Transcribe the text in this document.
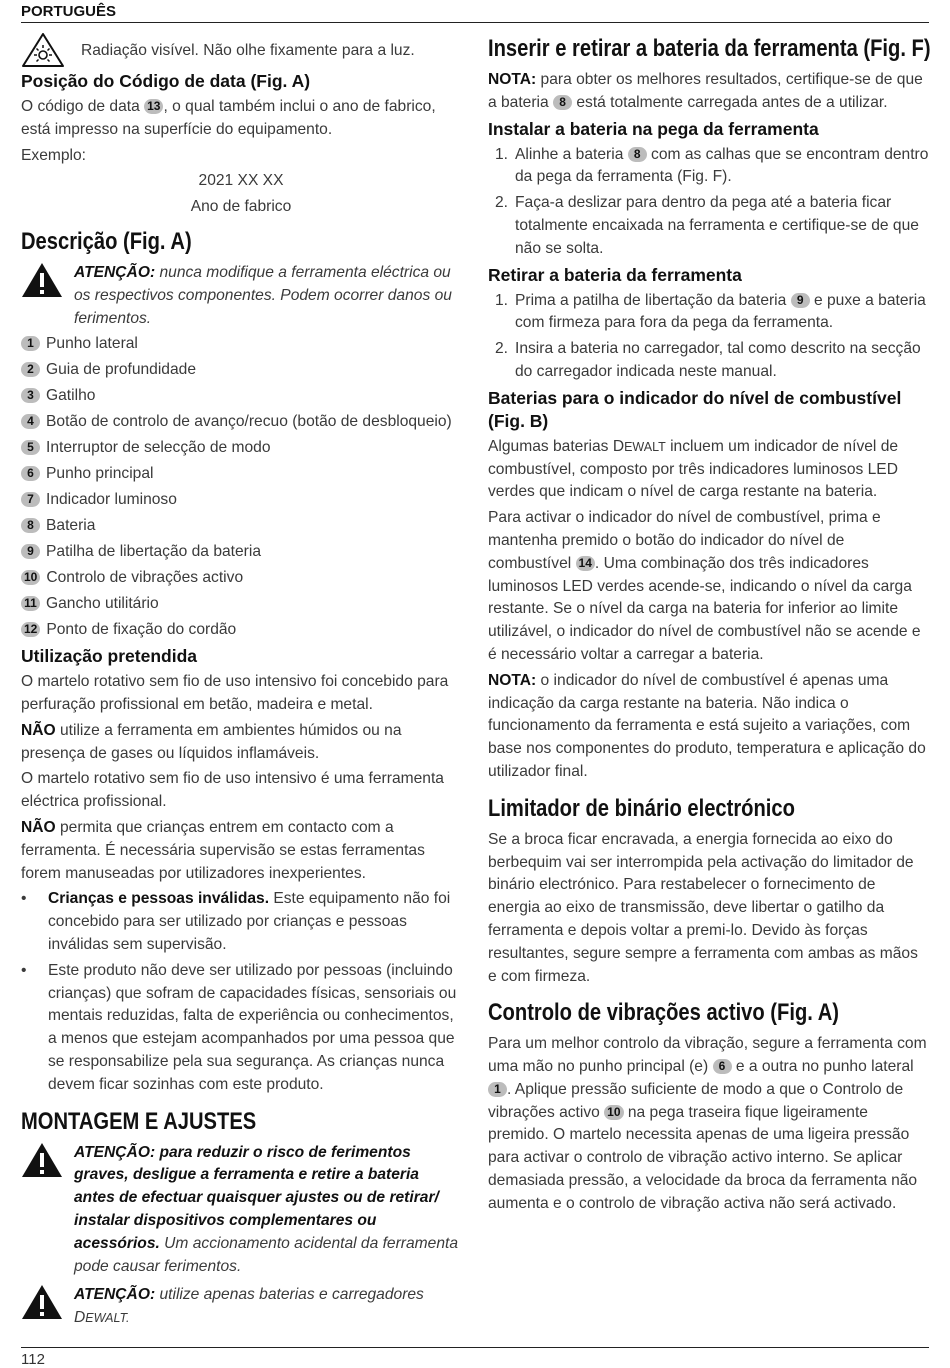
PORTUGUÊS
Radiação visível. Não olhe fixamente para a luz.
Posição do Código de data (Fig. A)

O código de data 13 , o qual também inclui o ano de fabrico, está impresso na superfície do equipamento.

Exemplo:

2021 XX XX

Ano de fabrico

Descrição (Fig. A)
ATENÇÃO: nunca modifique a ferramenta eléctrica ou os respectivos componentes. Podem ocorrer danos ou ferimentos.
1 Punho lateral
2 Guia de profundidade
3 Gatilho
4 Botão de controlo de avanço/recuo (botão de desbloqueio)
5 Interruptor de selecção de modo
6 Punho principal
7 Indicador luminoso
8 Bateria
9 Patilha de libertação da bateria
10 Controlo de vibrações activo
11 Gancho utilitário
12 Ponto de fixação do cordão
Utilização pretendida

O martelo rotativo sem fio de uso intensivo foi concebido para perfuração profissional em betão, madeira e metal.

NÃO utilize a ferramenta em ambientes húmidos ou na presença de gases ou líquidos inflamáveis.

O martelo rotativo sem fio de uso intensivo é uma ferramenta eléctrica profissional.

NÃO permita que crianças entrem em contacto com a ferramenta. É necessária supervisão se estas ferramentas forem manuseadas por utilizadores inexperientes.

•	Crianças e pessoas inválidas. Este equipamento não foi concebido para ser utilizado por crianças e pessoas inválidas sem supervisão.
•	Este produto não deve ser utilizado por pessoas (incluindo crianças) que sofram de capacidades físicas, sensoriais ou mentais reduzidas, falta de experiência ou conhecimentos, a menos que estejam acompanhados por uma pessoa que se responsabilize pela sua segurança. As crianças nunca devem ficar sozinhas com este produto.
MONTAGEM E AJUSTES
ATENÇÃO: para reduzir o risco de ferimentos graves, desligue a ferramenta e retire a bateria antes de efectuar quaisquer ajustes ou de retirar/ instalar dispositivos complementares ou acessórios. Um accionamento acidental da ferramenta pode causar ferimentos.
ATENÇÃO: utilize apenas baterias e carregadores DEWALT.
Inserir e retirar a bateria da ferramenta (Fig. F)

NOTA: para obter os melhores resultados, certifique-se de que a bateria 8 está totalmente carregada antes de a utilizar.

Instalar a bateria na pega da ferramenta
1. Alinhe a bateria 8 com as calhas que se encontram dentro da pega da ferramenta (Fig. F).
2. Faça-a deslizar para dentro da pega até a bateria ficar totalmente encaixada na ferramenta e certifique-se de que não se solta.
Retirar a bateria da ferramenta
1. Prima a patilha de libertação da bateria 9 e puxe a bateria com firmeza para fora da pega da ferramenta.
2. Insira a bateria no carregador, tal como descrito na secção do carregador indicada neste manual.
Baterias para o indicador do nível de combustível (Fig. B)

Algumas baterias DEWALT incluem um indicador de nível de combustível, composto por três indicadores luminosos LED verdes que indicam o nível de carga restante na bateria.

Para activar o indicador do nível de combustível, prima e mantenha premido o botão do indicador do nível de combustível 14 . Uma combinação dos três indicadores luminosos LED verdes acende-se, indicando o nível da carga restante. Se o nível da carga na bateria for inferior ao limite utilizável, o indicador do nível de combustível não se acende e é necessário voltar a carregar a bateria.

NOTA: o indicador do nível de combustível é apenas uma indicação da carga restante na bateria. Não indica o funcionamento da ferramenta e está sujeito a variações, com base nos componentes do produto, temperatura e aplicação do utilizador final.

Limitador de binário electrónico

Se a broca ficar encravada, a energia fornecida ao eixo do berbequim vai ser interrompida pela activação do limitador de binário electrónico. Para restabelecer o fornecimento de energia ao eixo de transmissão, deve libertar o gatilho da ferramenta e depois voltar a premi-lo. Devido às forças resultantes, segure sempre a ferramenta com ambas as mãos e com firmeza.

Controlo de vibrações activo (Fig. A)

Para um melhor controlo da vibração, segure a ferramenta com uma mão no punho principal (e) 6 e a outra no punho lateral 1 . Aplique pressão suficiente de modo a que o Controlo de vibrações activo 10 na pega traseira fique ligeiramente premido. O martelo necessita apenas de uma ligeira pressão para activar o controlo de vibração activo interno. Se aplicar demasiada pressão, a velocidade da broca da ferramenta não aumenta e o controlo de vibração activa não será activado.

112
